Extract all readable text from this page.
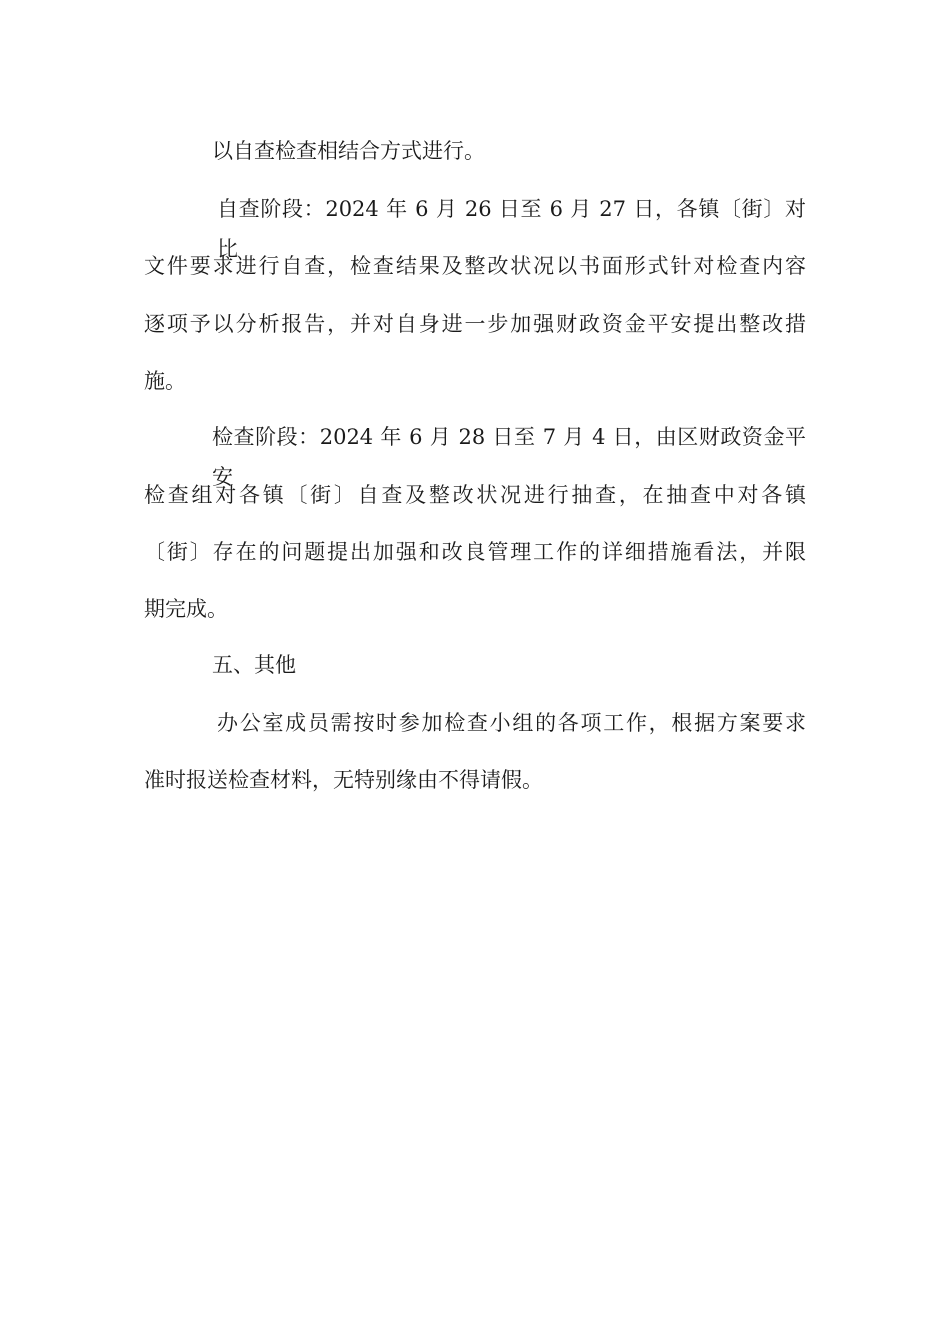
以自查检查相结合方式进行。
自查阶段：2024 年 6 月 26 日至 6 月 27 日，各镇〔街〕对比
文件要求进行自查，检查结果及整改状况以书面形式针对检查内容
逐项予以分析报告，并对自身进一步加强财政资金平安提出整改措
施。
检查阶段：2024 年 6 月 28 日至 7 月 4 日，由区财政资金平安
检查组对各镇〔街〕自查及整改状况进行抽查，在抽查中对各镇
〔街〕存在的问题提出加强和改良管理工作的详细措施看法，并限
期完成。
五、其他
办公室成员需按时参加检查小组的各项工作，根据方案要求
准时报送检查材料，无特别缘由不得请假。
